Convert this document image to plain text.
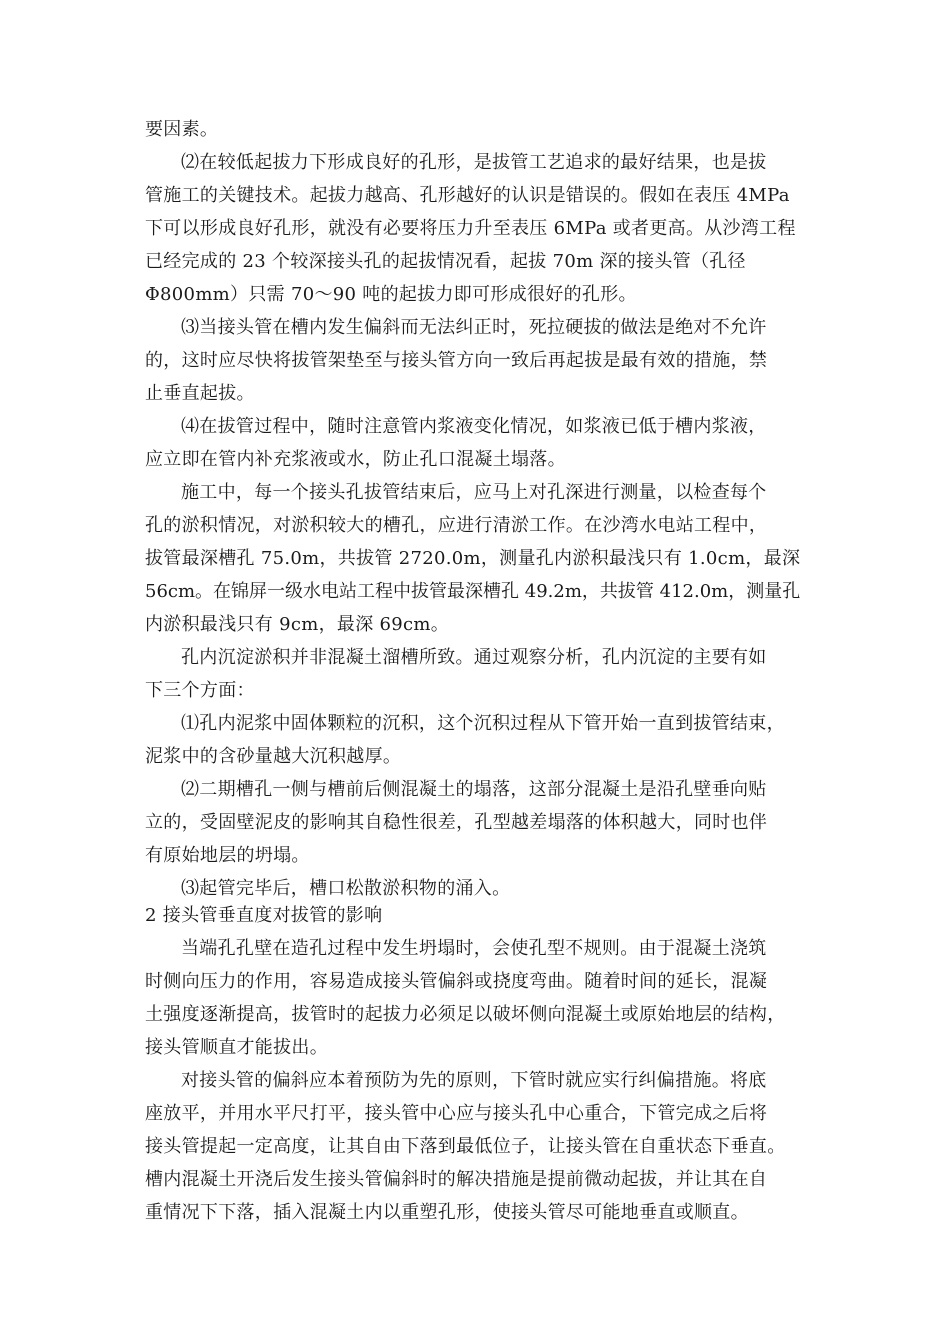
要因素。
⑵在较低起拔力下形成良好的孔形，是拔管工艺追求的最好结果，也是拔
管施工的关键技术。起拔力越高、孔形越好的认识是错误的。假如在表压 4MPa
下可以形成良好孔形，就没有必要将压力升至表压 6MPa 或者更高。从沙湾工程
已经完成的 23 个较深接头孔的起拔情况看，起拔 70m 深的接头管（孔径
Φ800mm）只需 70～90 吨的起拔力即可形成很好的孔形。
⑶当接头管在槽内发生偏斜而无法纠正时，死拉硬拔的做法是绝对不允许
的，这时应尽快将拔管架垫至与接头管方向一致后再起拔是最有效的措施，禁
止垂直起拔。
⑷在拔管过程中，随时注意管内浆液变化情况，如浆液已低于槽内浆液，
应立即在管内补充浆液或水，防止孔口混凝土塌落。
施工中，每一个接头孔拔管结束后，应马上对孔深进行测量，以检查每个
孔的淤积情况，对淤积较大的槽孔，应进行清淤工作。在沙湾水电站工程中，
拔管最深槽孔 75.0m，共拔管 2720.0m，测量孔内淤积最浅只有 1.0cm，最深
56cm。在锦屏一级水电站工程中拔管最深槽孔 49.2m，共拔管 412.0m，测量孔
内淤积最浅只有 9cm，最深 69cm。
孔内沉淀淤积并非混凝土溜槽所致。通过观察分析，孔内沉淀的主要有如
下三个方面：
⑴孔内泥浆中固体颗粒的沉积，这个沉积过程从下管开始一直到拔管结束，
泥浆中的含砂量越大沉积越厚。
⑵二期槽孔一侧与槽前后侧混凝土的塌落，这部分混凝土是沿孔壁垂向贴
立的，受固壁泥皮的影响其自稳性很差，孔型越差塌落的体积越大，同时也伴
有原始地层的坍塌。
⑶起管完毕后，槽口松散淤积物的涌入。
2 接头管垂直度对拔管的影响
当端孔孔壁在造孔过程中发生坍塌时，会使孔型不规则。由于混凝土浇筑
时侧向压力的作用，容易造成接头管偏斜或挠度弯曲。随着时间的延长，混凝
土强度逐渐提高，拔管时的起拔力必须足以破坏侧向混凝土或原始地层的结构，
接头管顺直才能拔出。
对接头管的偏斜应本着预防为先的原则，下管时就应实行纠偏措施。将底
座放平，并用水平尺打平，接头管中心应与接头孔中心重合，下管完成之后将
接头管提起一定高度，让其自由下落到最低位子，让接头管在自重状态下垂直。
槽内混凝土开浇后发生接头管偏斜时的解决措施是提前微动起拔，并让其在自
重情况下下落，插入混凝土内以重塑孔形，使接头管尽可能地垂直或顺直。
